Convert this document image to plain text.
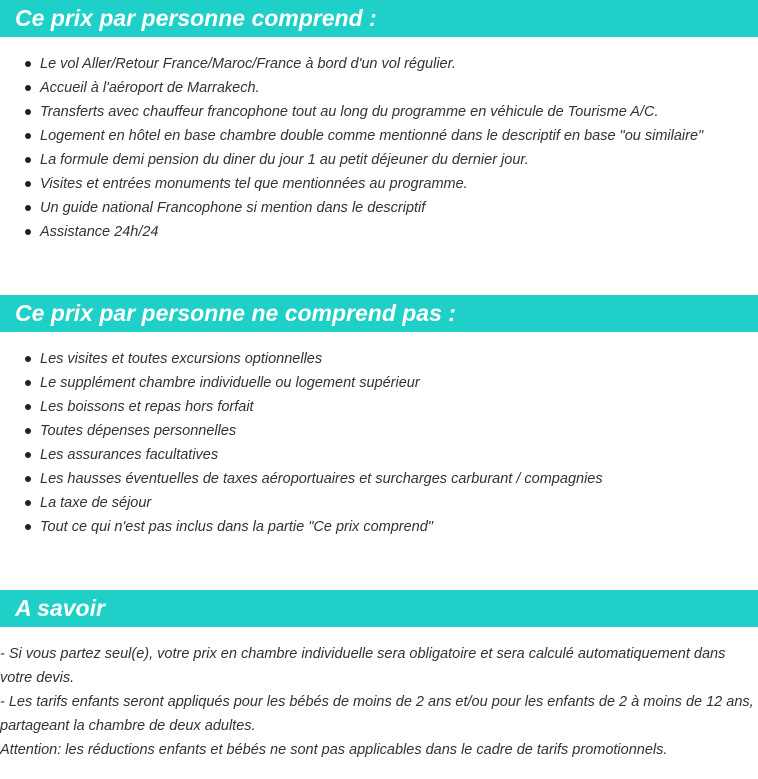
Ce prix par personne comprend :
Le vol Aller/Retour France/Maroc/France à bord d'un vol régulier.
Accueil à l'aéroport de Marrakech.
Transferts avec chauffeur francophone tout au long du programme en véhicule de Tourisme A/C.
Logement en hôtel en base chambre double comme mentionné dans le descriptif en base "ou similaire"
La formule demi pension du diner du jour 1 au petit déjeuner du dernier jour.
Visites et entrées monuments tel que mentionnées au programme.
Un guide national Francophone si mention dans le descriptif
Assistance 24h/24
Ce prix par personne ne comprend pas :
Les visites et toutes excursions optionnelles
Le supplément chambre individuelle ou logement supérieur
Les boissons et repas hors forfait
Toutes dépenses personnelles
Les assurances facultatives
Les hausses éventuelles de taxes aéroportuaires et surcharges carburant / compagnies
La taxe de séjour
Tout ce qui n'est pas inclus dans la partie "Ce prix comprend"
A savoir

- Si vous partez seul(e), votre prix en chambre individuelle sera obligatoire et sera calculé automatiquement dans votre devis.

- Les tarifs enfants seront appliqués pour les bébés de moins de 2 ans et/ou pour les enfants de 2 à moins de 12 ans, partageant la chambre de deux adultes.

Attention: les réductions enfants et bébés ne sont pas applicables dans le cadre de tarifs promotionnels.
